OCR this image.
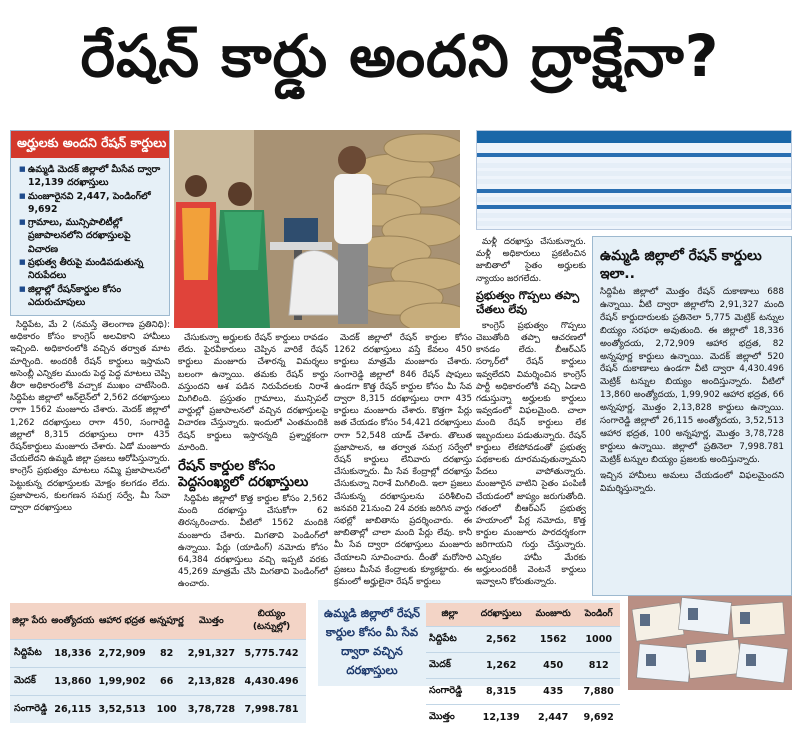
రేషన్‌ కార్డు అందని ద్రాక్షేనా?
అర్హులకు అందని రేషన్‌ కార్డులు
■ ఉమ్మడి మెదక్‌ జిల్లాలో మీసేవ ద్వారా 12,139 దరఖాస్తులు
■ మంజూరైనవి 2,447, పెండింగ్‌లో 9,692
■ గ్రామాలు, మున్సిపాలిటీల్లో ప్రజాపాలనలోని దరఖాస్తులపై విచారణ
■ ప్రభుత్వ తీరుపై మండిపడుతున్న నిరుపేదలు
■ జిల్లాల్లో రేషన్‌కార్డుల కోసం ఎదురుచూపులు

సిద్దిపేట, మే 2 (నమస్తే తెలంగాణ ప్రతినిధి): అధికారం కోసం కాంగ్రెస్‌ అలవికాని హామీలు ఇచ్చింది. అధికారంలోకి వచ్చిన తర్వాత మాట మార్చింది. అందరికీ రేషన్‌ కార్డులు ఇస్తామని అసెంబ్లీ ఎన్నికల ముందు పెద్ద పెద్ద మాటలు చెప్పి తీరా అధికారంలోకి వచ్చాక ముఖం చాటేసింది. సిద్దిపేట జిల్లాలో ఆన్‌లైన్‌లో 2,562 దరఖాస్తులు రాగా 1562 మంజూరు చేశారు. మెదక్‌ జిల్లాలో 1,262 దరఖాస్తులు రాగా 450, సంగారెడ్డి జిల్లాలో 8,315 దరఖాస్తులు రాగా 435 రేషన్‌కార్డులు మంజూరు చేశారు. ఏడో మంజూరు చేయలేదని ఉమ్మడి జిల్లా ప్రజలు ఆరోపిస్తున్నారు. కాంగ్రెస్‌ ప్రభుత్వం మాటలు నమ్మి ప్రజాపాలనలో పెట్టుకున్న దరఖాస్తులకు మోక్షం కలగడం లేదు. ప్రజాపాలన, కులగణన సమగ్ర సర్వే, మీ సేవా ద్వారా దరఖాస్తులు

చేసుకున్నా అర్హులకు రేషన్‌ కార్డులు రావడం లేదు. పైరవీకారులు చెప్పిన వారికే రేషన్‌ కార్డులు మంజూరు చేశారన్న విమర్శలు బలంగా ఉన్నాయి. తమకు రేషన్‌ కార్డు వస్తుందని ఆశ పడిన నిరుపేదలకు నిరాశే మిగిలింది. ప్రస్తుతం గ్రామాలు, మున్సిపల్‌ వార్డుల్లో ప్రజాపాలనలో వచ్చిన దరఖాస్తులపై విచారణ చేస్తున్నారు. ఇందులో ఎంతమందికి రేషన్‌ కార్డులు ఇస్తారన్నది ప్రశ్నార్థకంగా మారింది.

రేషన్‌ కార్డుల కోసం పెద్దసంఖ్యలో దరఖాస్తులు

సిద్దిపేట జిల్లాలో కొత్త కార్డుల కోసం 2,562 మంది దరఖాస్తు చేసుకోగా 62 తిరస్కరించారు. వీటిలో 1562 మందికి మంజూరు చేశారు. మిగతావి పెండింగ్‌లో ఉన్నాయి. పేర్లు (యాడింగ్‌) నమోదు కోసం 64,384 దరఖాస్తులు వచ్చి ఇప్పటి వరకు 45,269 మాత్రమే చేసి మిగతావి పెండింగ్‌లో ఉంచారు.

మెదక్‌ జిల్లాలో రేషన్‌ కార్డుల కోసం 1262 దరఖాస్తులు వస్తే కేవలం 450 కార్డులు మాత్రమే మంజూరు చేశారు. సంగారెడ్డి జిల్లాలో 846 రేషన్‌ షాపులు ఉండగా కొత్త రేషన్‌ కార్డుల కోసం మీ సేవ ద్వారా 8,315 దరఖాస్తులు రాగా 435 కార్డులు మంజూరు చేశారు. కొత్తగా పేర్లు జత చేయడం కోసం 54,421 దరఖాస్తులు రాగా 52,548 యాడ్‌ చేశారు. తొలుత ప్రజాపాలన, ఆ తర్వాత సమగ్ర సర్వేలో రేషన్‌ కార్డులు లేనివారు దరఖాస్తు చేసుకున్నారు. మీ సేవ కేంద్రాల్లో దరఖాస్తు చేసుకున్నా నిరాశే మిగిలింది. ఇలా ప్రజలు చేసుకున్న దరఖాస్తులను పరిశీలించి జనవరి 21నుంచి 24 వరకు జరిగిన వార్డు సభల్లో జాబితాను ప్రదర్శించారు. ఈ జాబితాల్లో చాలా మంది పేర్లు లేవు. కానీ మీ సేవ ద్వారా దరఖాస్తులు మంజూరు చేయాలని సూచించారు. దీంతో మరోసారి ప్రజలు మీసేవ కేంద్రాలకు క్యూకట్టారు. ఈ క్రమంలో అర్హులైనా రేషన్‌ కార్డులు

మళ్లీ దరఖాస్తు చేసుకున్నారు. మళ్లీ అధికారులు ప్రకటించిన జాబితాలో సైతం అర్హులకు న్యాయం జరగలేదు.

ప్రభుత్వం గొప్పలు తప్పా చేతలు లేవు

కాంగ్రెస్‌ ప్రభుత్వం గొప్పలు చెబుతోంది తప్పా ఆచరణలో కానడం లేదు. బీఆర్‌ఎస్‌ సర్కార్‌లో రేషన్‌ కార్డులు ఇవ్వలేదని విమర్శించిన కాంగ్రెస్‌ పార్టీ అధికారంలోకి వచ్చి ఏడాది గడుస్తున్నా అర్హులకు కార్డులు ఇవ్వడంలో విఫలమైంది. చాలా మంది రేషన్‌ కార్డులు లేక ఇబ్బందులు పడుతున్నారు. రేషన్‌ కార్డులు లేకపోవడంతో ప్రభుత్వ పథకాలకు దూరమవుతున్నామని పేదలు వాపోతున్నారు. మంజూరైన వాటిని సైతం పంపిణీ చేయడంలో జాప్యం జరుగుతోంది. గతంలో బీఆర్‌ఎస్‌ ప్రభుత్వ హయాంలో పేర్ల నమోదు, కొత్త కార్డుల మంజూరు పారదర్శకంగా జరిగాయని గుర్తు చేస్తున్నారు. ఎన్నికల హామీ మేరకు అర్హులందరికీ వెంటనే కార్డులు ఇవ్వాలని కోరుతున్నారు.

ఉమ్మడి జిల్లాలో రేషన్‌ కార్డులు ఇలా..

సిద్దిపేట జిల్లాలో మొత్తం రేషన్‌ దుకాణాలు 688 ఉన్నాయి. వీటి ద్వారా జిల్లాలోని 2,91,327 మంది రేషన్‌ కార్డుదారులకు ప్రతినెలా 5,775 మెట్రిక్‌ టన్నుల బియ్యం సరఫరా అవుతుంది. ఈ జిల్లాలో 18,336 అంత్యోదయ, 2,72,909 ఆహార భద్రత, 82 అన్నపూర్ణ కార్డులు ఉన్నాయి. మెదక్‌ జిల్లాలో 520 రేషన్‌ దుకాణాలు ఉండగా వీటి ద్వారా 4,430.496 మెట్రిక్‌ టన్నుల బియ్యం అందిస్తున్నారు. వీటిలో 13,860 అంత్యోదయ, 1,99,902 ఆహార భద్రత, 66 అన్నపూర్ణ, మొత్తం 2,13,828 కార్డులు ఉన్నాయి. సంగారెడ్డి జిల్లాలో 26,115 అంత్యోదయ, 3,52,513 ఆహార భద్రత, 100 అన్నపూర్ణ, మొత్తం 3,78,728 కార్డులు ఉన్నాయి. జిల్లాలో ప్రతినెలా 7,998.781 మెట్రిక్‌ టన్నుల బియ్యం ప్రజలకు అందిస్తున్నారు.

ఇచ్చిన హామీలు అమలు చేయడంలో విఫలమైందని విమర్శిస్తున్నారు.

జిల్లా పేరు	అంత్యోదయ	ఆహార భద్రత	అన్నపూర్ణ	మొత్తం	బియ్యం (టన్నుల్లో)
సిద్దిపేట	18,336	2,72,909	82	2,91,327	5,775.742
మెదక్‌	13,860	1,99,902	66	2,13,828	4,430.496
సంగారెడ్డి	26,115	3,52,513	100	3,78,728	7,998.781
ఉమ్మడి జిల్లాలో రేషన్‌ కార్డుల కోసం మీ సేవ ద్వారా వచ్చిన దరఖాస్తులు
జిల్లా	దరఖాస్తులు	మంజూరు	పెండింగ్‌
సిద్దిపేట	2,562	1562	1000
మెదక్‌	1,262	450	812
సంగారెడ్డి	8,315	435	7,880
మొత్తం	12,139	2,447	9,692
